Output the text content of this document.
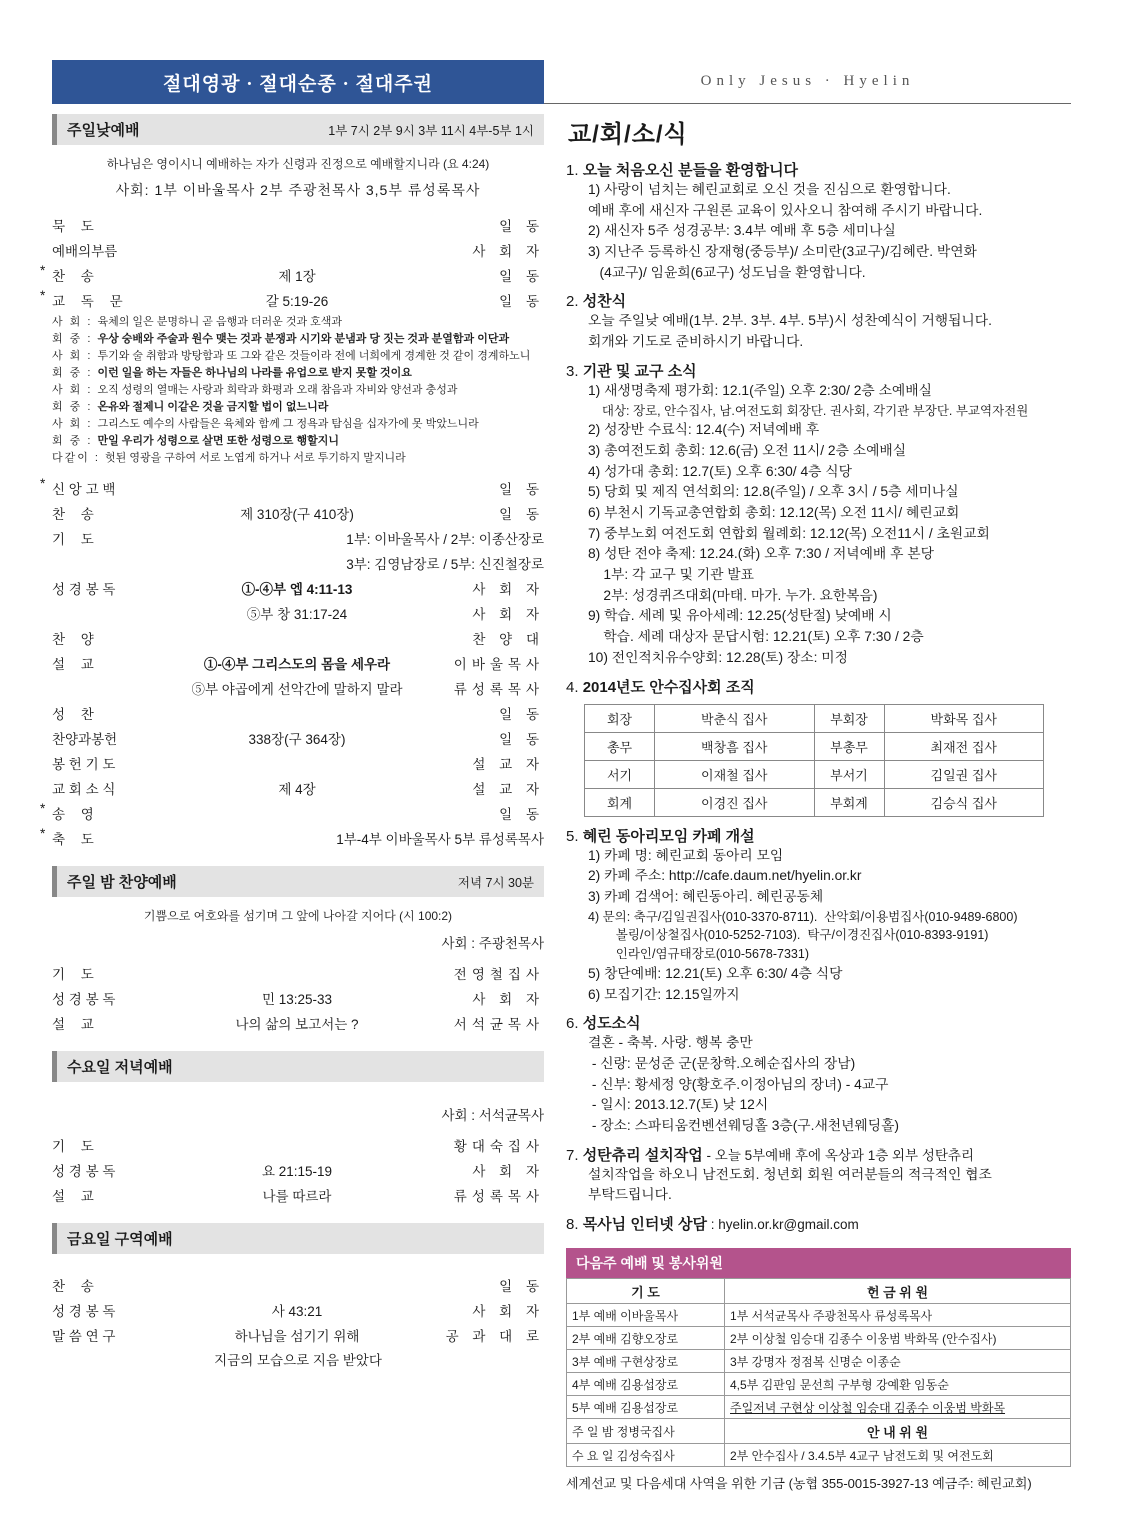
절대영광 · 절대순종 · 절대주권	Only Jesus · Hyelin
주일낮예배	1부 7시 2부 9시 3부 11시 4부-5부 1시
하나님은 영이시니 예배하는 자가 신령과 진정으로 예배할지니라 (요 4:24)
사회: 1부 이바울목사 2부 주광천목사 3,5부 류성록목사
묵 도		일 동
예배의부름		사 회 자
* 찬 송	제 1장	일 동
* 교 독 문	갈 5:19-26	일 동
사 회 : 육체의 일은 분명하니 곧 음행과 더러운 것과 호색과
회 중 : 우상 숭배와 주술과 원수 맺는 것과 분쟁과 시기와 분냄과 당 짓는 것과 분열함과 이단과
사 회 : 투기와 술 취함과 방탕함과 또 그와 같은 것들이라 전에 너희에게 경계한 것 같이 경계하노니
회 중 : 이런 일을 하는 자들은 하나님의 나라를 유업으로 받지 못할 것이요
사 회 : 오직 성령의 열매는 사랑과 희락과 화평과 오래 참음과 자비와 양선과 충성과
회 중 : 온유와 절제니 이같은 것을 금지할 법이 없느니라
사 회 : 그리스도 예수의 사람들은 육체와 함께 그 정욕과 탐심을 십자가에 못 박았느니라
회 중 : 만일 우리가 성령으로 살면 또한 성령으로 행할지니
다같이 : 헛된 영광을 구하여 서로 노엽게 하거나 서로 투기하지 말지니라
* 신 앙 고 백		일 동
찬 송	제 310장(구 410장)	일 동
기 도	1부: 이바울목사 / 2부: 이종산장로	
	3부: 김영남장로 / 5부: 신진철장로	
성 경 봉 독	①-④부 엡 4:11-13	사 회 자
	⑤부 창 31:17-24	사 회 자
찬 양		찬 양 대
설 교	①-④부 그리스도의 몸을 세우라	이바울목사
	⑤부 야곱에게 선악간에 말하지 말라	류성록목사
성 찬		일 동
찬양과봉헌	338장(구 364장)	일 동
봉 헌 기 도		설 교 자
교 회 소 식	제 4장	설 교 자
* 송 영		일 동
* 축 도	1부-4부 이바울목사 5부 류성록목사	
주일 밤 찬양예배	저녁 7시 30분
기쁨으로 여호와를 섬기며 그 앞에 나아갈 지어다 (시 100:2)
사회 : 주광천목사
기 도		전영철집사
성 경 봉 독	민 13:25-33	사 회 자
설 교	나의 삶의 보고서는 ?	서석균목사
수요일 저녁예배
사회 : 서석균목사
기 도		황대숙집사
성 경 봉 독	요 21:15-19	사 회 자
설 교	나를 따르라	류성록목사
금요일 구역예배
찬 송		일 동
성 경 봉 독	사 43:21	사 회 자
말 씀 연 구	하나님을 섬기기 위해	공 과 대 로
지금의 모습으로 지음 받았다
교/회/소/식
1. 오늘 처음오신 분들을 환영합니다
1) 사랑이 넘치는 혜린교회로 오신 것을 진심으로 환영합니다.
예배 후에 새신자 구원론 교육이 있사오니 참여해 주시기 바랍니다.
2) 새신자 5주 성경공부: 3.4부 예배 후 5층 세미나실
3) 지난주 등록하신 장재형(중등부)/ 소미란(3교구)/김혜란. 박연화
(4교구)/ 임윤희(6교구) 성도님을 환영합니다.
2. 성찬식
오늘 주일낮 예배(1부. 2부. 3부. 4부. 5부)시 성찬예식이 거행됩니다.
회개와 기도로 준비하시기 바랍니다.
3. 기관 및 교구 소식
1) 새생명축제 평가회: 12.1(주일) 오후 2:30/ 2층 소예배실
대상: 장로, 안수집사, 남.여전도회 회장단. 권사회, 각기관 부장단. 부교역자전원
2) 성장반 수료식: 12.4(수) 저녁예배 후
3) 총여전도회 총회: 12.6(금) 오전 11시/ 2층 소예배실
4) 성가대 총회: 12.7(토) 오후 6:30/ 4층 식당
5) 당회 및 제직 연석회의: 12.8(주일) / 오후 3시 / 5층 세미나실
6) 부천시 기독교총연합회 총회: 12.12(목) 오전 11시/ 혜린교회
7) 중부노회 여전도회 연합회 월례회: 12.12(목) 오전11시 / 초원교회
8) 성탄 전야 축제: 12.24.(화) 오후 7:30 / 저녁예배 후 본당
1부: 각 교구 및 기관 발표
2부: 성경퀴즈대회(마태. 마가. 누가. 요한복음)
9) 학습. 세례 및 유아세례: 12.25(성탄절) 낮예배 시
학습. 세례 대상자 문답시험: 12.21(토) 오후 7:30 / 2층
10) 전인적치유수양회: 12.28(토) 장소: 미정
4. 2014년도 안수집사회 조직
회장	박춘식 집사	부회장	박화목 집사
총무	백창흠 집사	부총무	최재전 집사
서기	이재철 집사	부서기	김일권 집사
회계	이경진 집사	부회계	김승식 집사
5. 혜린 동아리모임 카페 개설
1) 카페 명: 혜린교회 동아리 모임
2) 카페 주소: http://cafe.daum.net/hyelin.or.kr
3) 카페 검색어: 혜린동아리. 혜린공동체
4) 문의: 축구/김일권집사(010-3370-8711).  산악회/이용범집사(010-9489-6800)
볼링/이상철집사(010-5252-7103).  탁구/이경진집사(010-8393-9191)
인라인/염규태장로(010-5678-7331)
5) 창단예배: 12.21(토) 오후 6:30/ 4층 식당
6) 모집기간: 12.15일까지
6. 성도소식
결혼 - 축복. 사랑. 행복 충만
- 신랑: 문성준 군(문창학.오혜순집사의 장남)
- 신부: 황세정 양(황호주.이정아님의 장녀) - 4교구
- 일시: 2013.12.7(토) 낮 12시
- 장소: 스파티움컨벤션웨딩홀 3층(구.새천년웨딩홀)
7. 성탄츄리 설치작업 - 오늘 5부예배 후에 옥상과 1층 외부 성탄츄리
설치작업을 하오니 남전도회. 청년회 회원 여러분들의 적극적인 협조
부탁드립니다.
8. 목사님 인터넷 상담 : hyelin.or.kr@gmail.com
다음주 예배 및 봉사위원
기 도	헌 금 위 원
1부 예배 이바울목사	1부 서석균목사 주광천목사 류성록목사
2부 예배 김향오장로	2부 이상철 임승대 김종수 이웅범 박화목 (안수집사)
3부 예배 구현상장로	3부 강명자 정점복 신명순 이종순
4부 예배 김용섭장로	4,5부 김판임 문선희 구부형 강예환 임동순
5부 예배 김용섭장로	주일저녁 구현상 이상철 임승대 김종수 이웅범 박화목
주 일 밤 정병국집사	안 내 위 원
수 요 일 김성숙집사	2부 안수집사 / 3.4.5부 4교구 남전도회 및 여전도회
세계선교 및 다음세대 사역을 위한 기금 (농협 355-0015-3927-13 예금주: 혜린교회)
